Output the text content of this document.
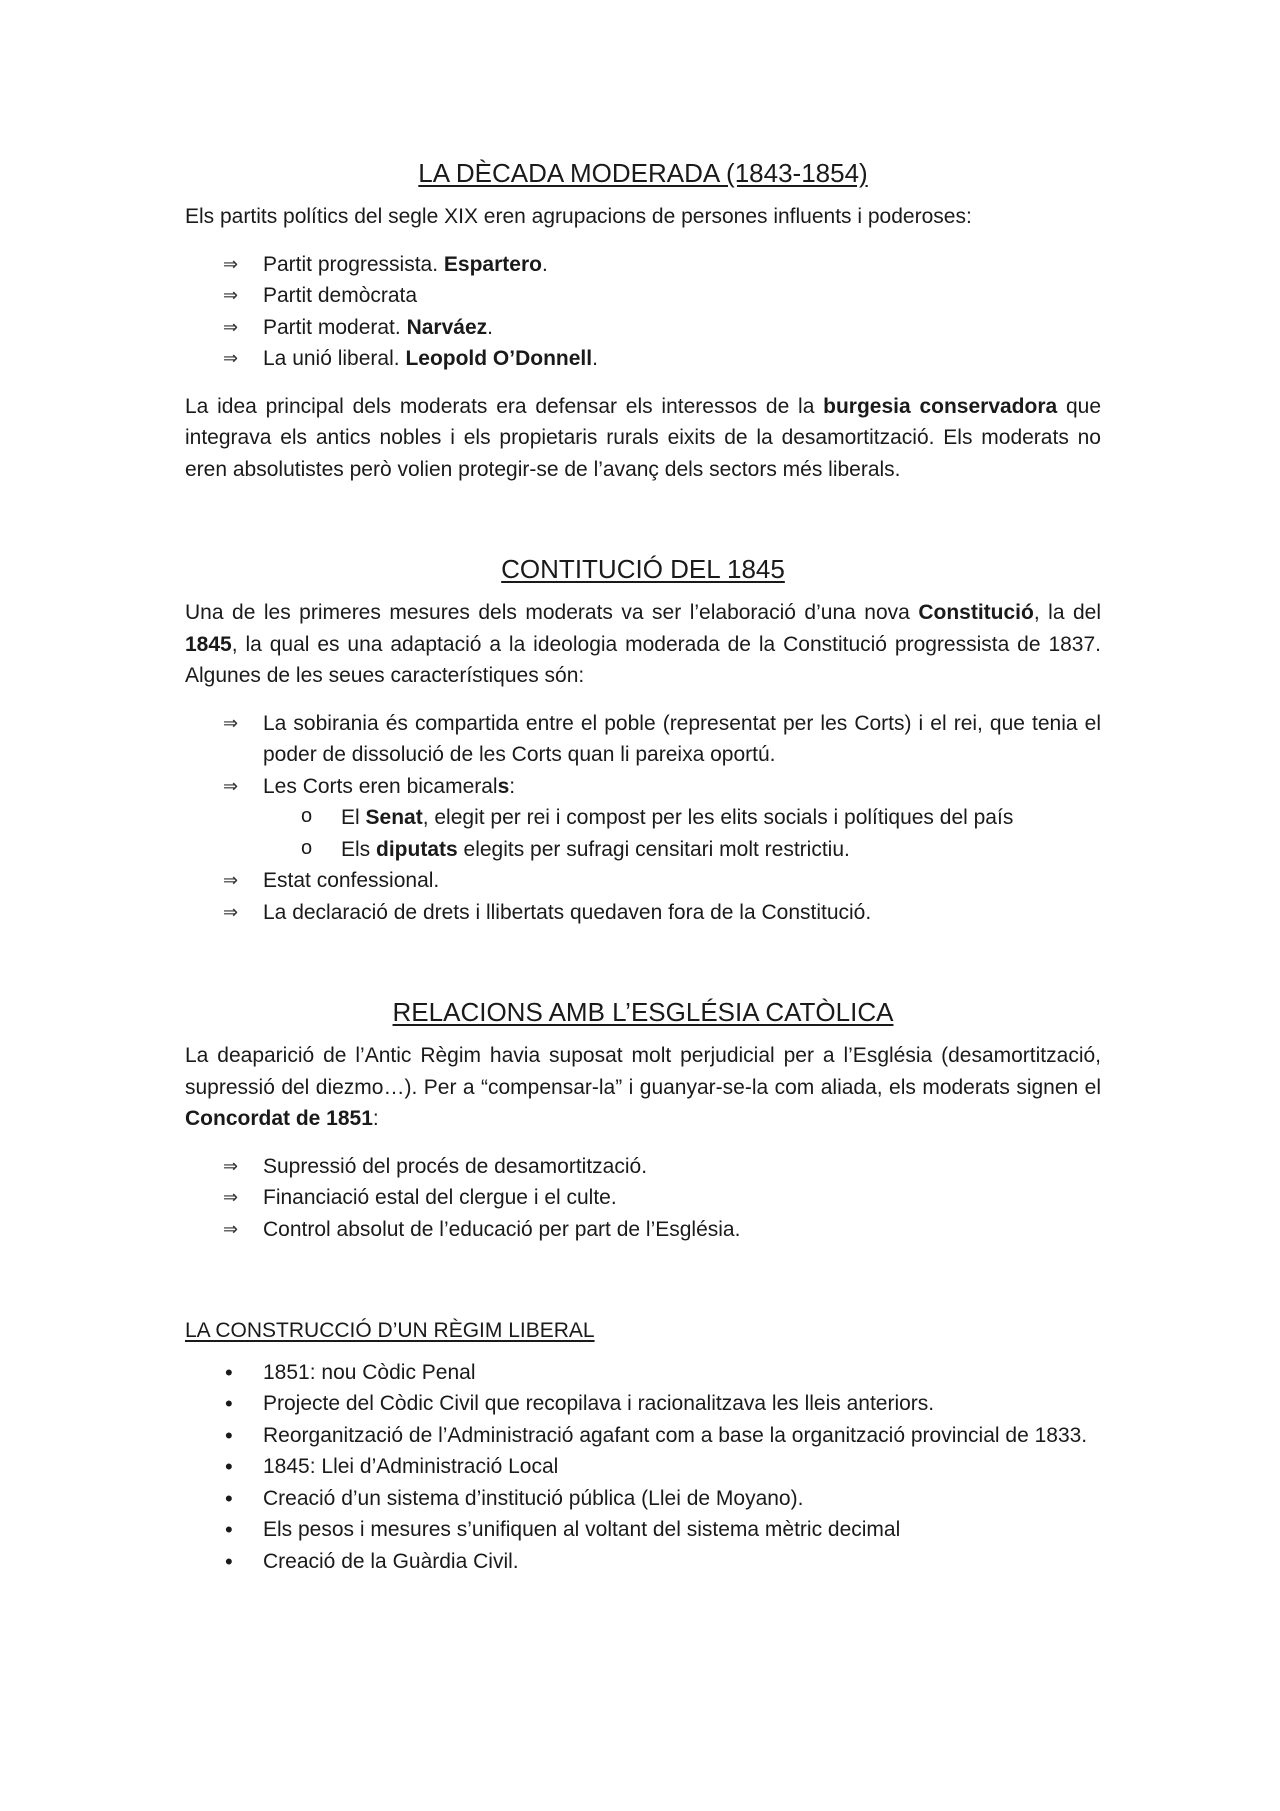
LA DÈCADA MODERADA (1843-1854)

Els partits polítics del segle XIX eren agrupacions de persones influents i poderoses:

⇒ Partit progressista. Espartero.
⇒ Partit demòcrata
⇒ Partit moderat. Narváez.
⇒ La unió liberal. Leopold O’Donnell.

La idea principal dels moderats era defensar els interessos de la burgesia conservadora que integrava els antics nobles i els propietaris rurals eixits de la desamortització. Els moderats no eren absolutistes però volien protegir-se de l’avanç dels sectors més liberals.

CONTITUCIÓ DEL 1845

Una de les primeres mesures dels moderats va ser l’elaboració d’una nova Constitució, la del 1845, la qual es una adaptació a la ideologia moderada de la Constitució progressista de 1837. Algunes de les seues característiques són:

⇒ La sobirania és compartida entre el poble (representat per les Corts) i el rei, que tenia el poder de dissolució de les Corts quan li pareixa oportú.
⇒ Les Corts eren bicamerals:
o El Senat, elegit per rei i compost per les elits socials i polítiques del país
o Els diputats elegits per sufragi censitari molt restrictiu.
⇒ Estat confessional.
⇒ La declaració de drets i llibertats quedaven fora de la Constitució.
RELACIONS AMB L’ESGLÉSIA CATÒLICA

La deaparició de l’Antic Règim havia suposat molt perjudicial per a l’Església (desamortització, supressió del diezmo…). Per a “compensar-la” i guanyar-se-la com aliada, els moderats signen el Concordat de 1851:

⇒ Supressió del procés de desamortització.
⇒ Financiació estal del clergue i el culte.
⇒ Control absolut de l’educació per part de l’Església.
LA CONSTRUCCIÓ D’UN RÈGIM LIBERAL
• 1851: nou Còdic Penal
• Projecte del Còdic Civil que recopilava i racionalitzava les lleis anteriors.
• Reorganització de l’Administració agafant com a base la organització provincial de 1833.
• 1845: Llei d’Administració Local
• Creació d’un sistema d’institució pública (Llei de Moyano).
• Els pesos i mesures s’unifiquen al voltant del sistema mètric decimal
• Creació de la Guàrdia Civil.
